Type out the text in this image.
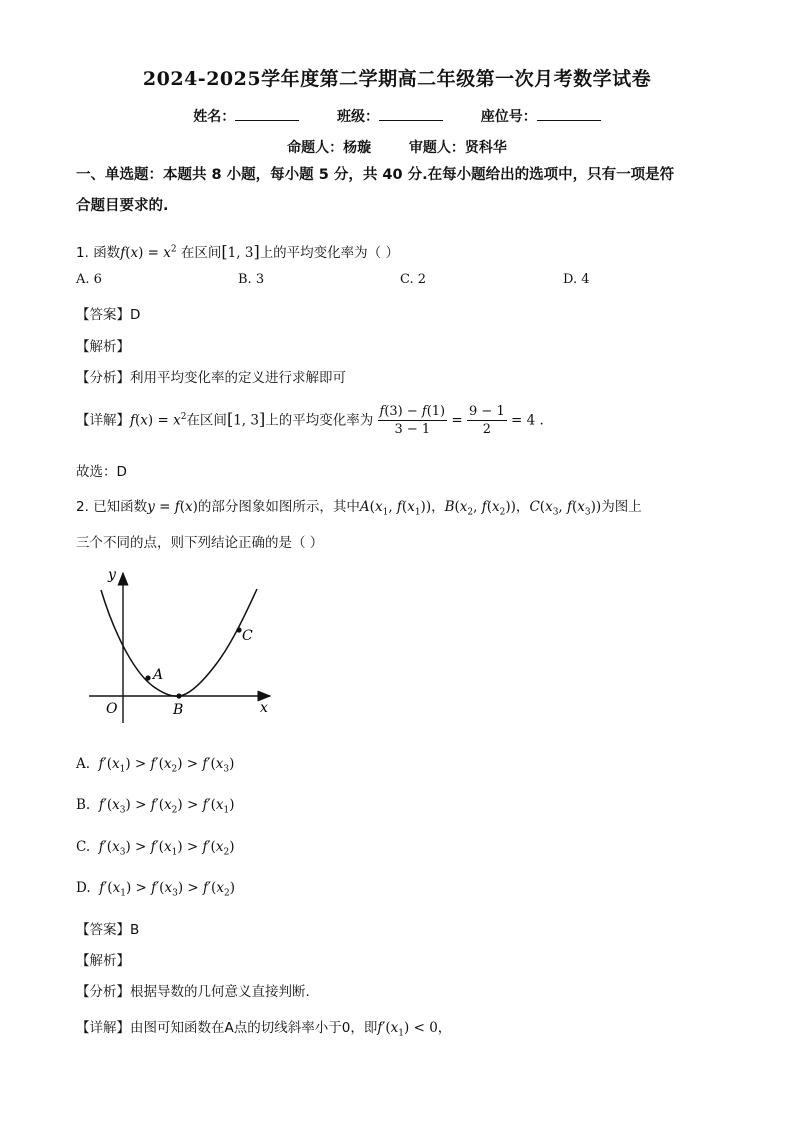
2024-2025学年度第二学期高二年级第一次月考数学试卷
姓名：	班级：	座位号：
命题人：杨璇	审题人：贤科华
一、单选题：本题共 8 小题，每小题 5 分，共 40 分.在每小题给出的选项中，只有一项是符
合题目要求的.
1. 函数$f(x) = x^2$ 在区间[1, 3]上的平均变化率为（ ）
A. 6	B. 3	C. 2	D. 4
【答案】D
【解析】
【分析】利用平均变化率的定义进行求解即可
【详解】$f(x) = x^2$在区间[1, 3]上的平均变化率为 $\frac{f(3) - f(1)}{3 - 1} = \frac{9 - 1}{2} = 4$ .
故选：D
2. 已知函数y = f(x)的部分图象如图所示，其中$A(x_1$, $f(x_1)$)，$B(x_2$, $f(x_2)$)，$C(x_3$, $f(x_3)$)为图上
三个不同的点，则下列结论正确的是（ ）
y
x
O
A
B
C
A. $f'(x_1) > f'(x_2) > f'(x_3)$
B. $f'(x_3) > f'(x_2) > f'(x_1)$
C. $f'(x_3) > f'(x_1) > f'(x_2)$
D. $f'(x_1) > f'(x_3) > f'(x_2)$
【答案】B
【解析】
【分析】根据导数的几何意义直接判断.
【详解】由图可知函数在A点的切线斜率小于0，即$f'(x_1) < 0$，
